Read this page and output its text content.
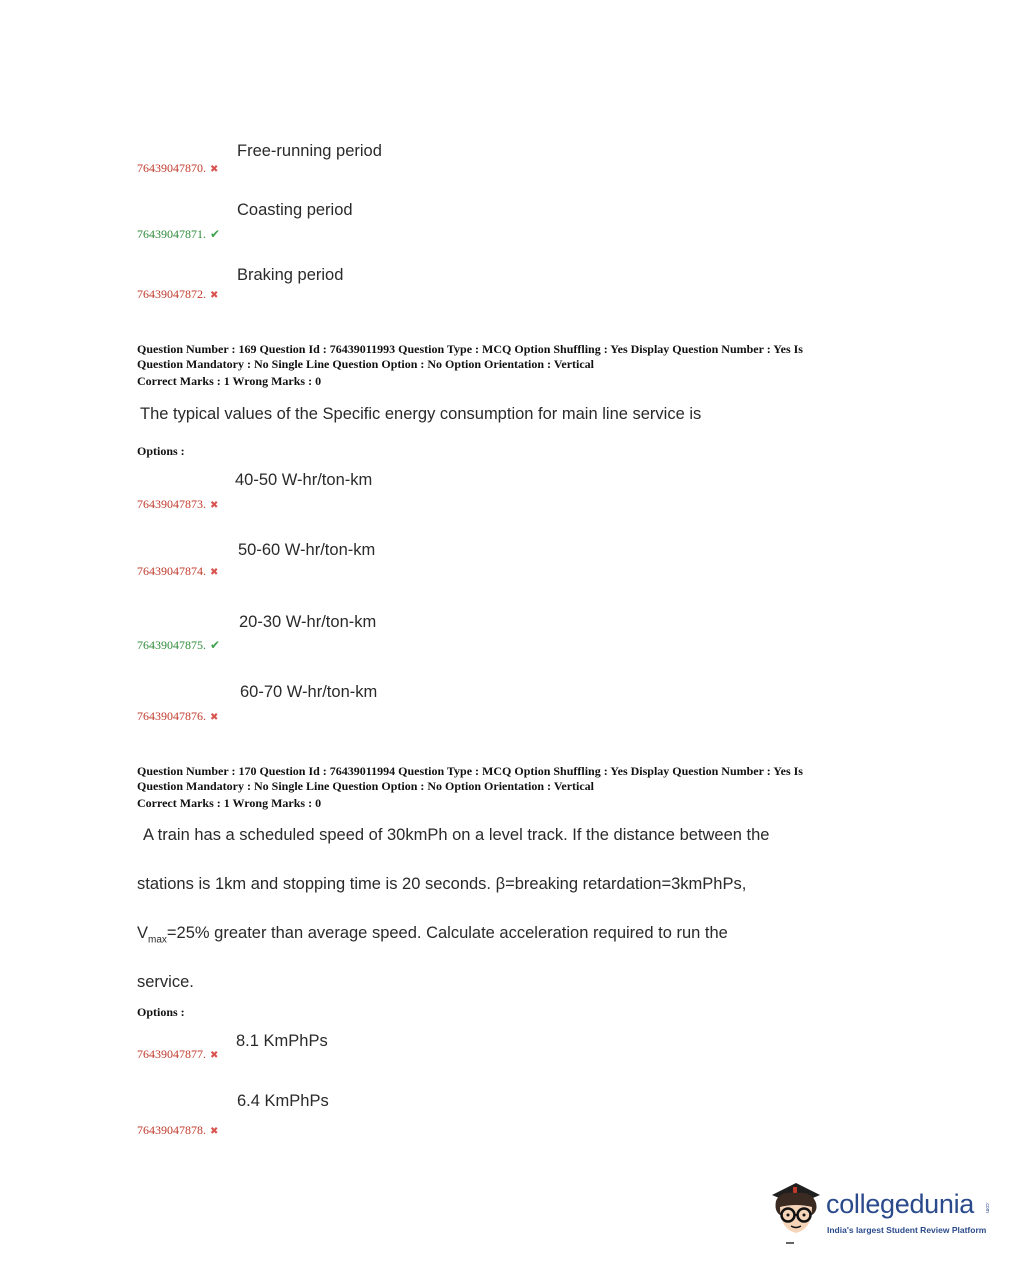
Free-running period
76439047870. ✖
Coasting period
76439047871. ✔
Braking period
76439047872. ✖
Question Number : 169 Question Id : 76439011993 Question Type : MCQ Option Shuffling : Yes Display Question Number : Yes Is
Question Mandatory : No Single Line Question Option : No Option Orientation : Vertical
Correct Marks : 1 Wrong Marks : 0
The typical values of the Specific energy consumption for main line service is
Options :
40-50 W-hr/ton-km
76439047873. ✖
50-60 W-hr/ton-km
76439047874. ✖
20-30 W-hr/ton-km
76439047875. ✔
60-70 W-hr/ton-km
76439047876. ✖
Question Number : 170 Question Id : 76439011994 Question Type : MCQ Option Shuffling : Yes Display Question Number : Yes Is
Question Mandatory : No Single Line Question Option : No Option Orientation : Vertical
Correct Marks : 1 Wrong Marks : 0
A train has a scheduled speed of 30kmPh on a level track. If the distance between the
stations is 1km and stopping time is 20 seconds. β=breaking retardation=3kmPhPs,
$V_{max}=25\%$ greater than average speed. Calculate acceleration required to run the
service.
Options :
8.1 KmPhPs
76439047877. ✖
6.4 KmPhPs
76439047878. ✖
collegedunia .com
India's largest Student Review Platform
